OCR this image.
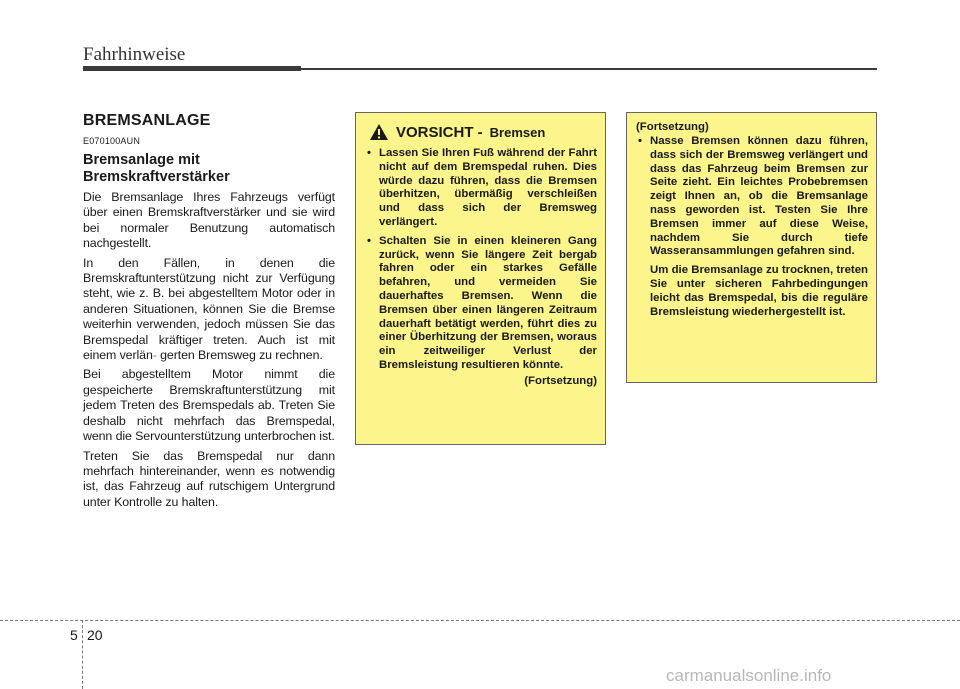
Fahrhinweise
BREMSANLAGE
E070100AUN
Bremsanlage mit Bremskraftverstärker

Die Bremsanlage Ihres Fahrzeugs verfügt über einen Bremskraftverstärker und sie wird bei normaler Benutzung automatisch nachgestellt.

In den Fällen, in denen die Bremskraftunterstützung nicht zur Verfügung steht, wie z. B. bei abgestelltem Motor oder in anderen Situationen, können Sie die Bremse weiterhin verwenden, jedoch müssen Sie das Bremspedal kräftiger treten. Auch ist mit einem verlän- gerten Bremsweg zu rechnen.

Bei abgestelltem Motor nimmt die gespeicherte Bremskraftunterstützung mit jedem Treten des Bremspedals ab. Treten Sie deshalb nicht mehrfach das Bremspedal, wenn die Servounterstützung unterbrochen ist.

Treten Sie das Bremspedal nur dann mehrfach hintereinander, wenn es notwendig ist, das Fahrzeug auf rutschigem Untergrund unter Kontrolle zu halten.

VORSICHT - Bremsen
• Lassen Sie Ihren Fuß während der Fahrt nicht auf dem Bremspedal ruhen. Dies würde dazu führen, dass die Bremsen überhitzen, übermäßig verschleißen und dass sich der Bremsweg verlängert.
• Schalten Sie in einen kleineren Gang zurück, wenn Sie längere Zeit bergab fahren oder ein starkes Gefälle befahren, und vermeiden Sie dauerhaftes Bremsen. Wenn die Bremsen über einen längeren Zeitraum dauerhaft betätigt werden, führt dies zu einer Überhitzung der Bremsen, woraus ein zeitweiliger Verlust der Bremsleistung resultieren könnte.
(Fortsetzung)
(Fortsetzung)
• Nasse Bremsen können dazu führen, dass sich der Bremsweg verlängert und dass das Fahrzeug beim Bremsen zur Seite zieht. Ein leichtes Probebremsen zeigt Ihnen an, ob die Bremsanlage nass geworden ist. Testen Sie Ihre Bremsen immer auf diese Weise, nachdem Sie durch tiefe Wasseransammlungen gefahren sind.
Um die Bremsanlage zu trocknen, treten Sie unter sicheren Fahrbedingungen leicht das Bremspedal, bis die reguläre Bremsleistung wiederhergestellt ist.
5 20
carmanualsonline.info
